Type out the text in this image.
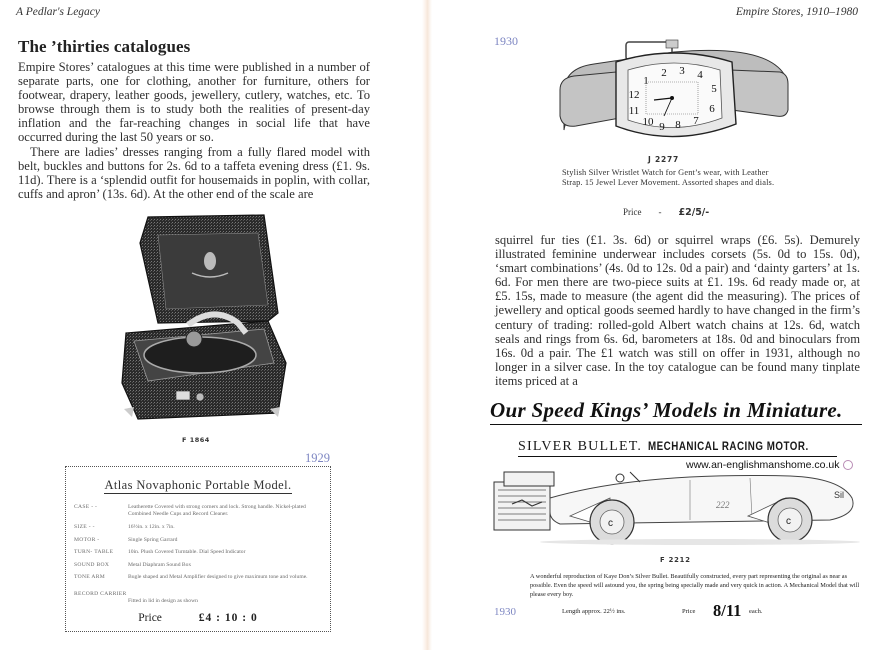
A Pedlar's Legacy
The ’thirties catalogues

Empire Stores’ catalogues at this time were published in a number of separate parts, one for clothing, another for furniture, others for footwear, drapery, leather goods, jewellery, cutlery, watches, etc. To browse through them is to study both the realities of present-day inflation and the far-reaching changes in social life that have occurred during the last 50 years or so.

There are ladies’ dresses ranging from a fully flared model with belt, buckles and buttons for 2s. 6d to a taffeta evening dress (£1. 9s. 11d). There is a ‘splendid outfit for housemaids in poplin, with collar, cuffs and apron’ (13s. 6d). At the other end of the scale are

F 1864
1929
Atlas Novaphonic Portable Model.
CASE - -	Leatherette Covered with strong corners and lock. Strong handle. Nickel-plated Combined Needle Cups and Record Cleaner.
SIZE - -	16½in. x 12in. x 7in.
MOTOR -	Single Spring Garrard
TURN- TABLE	10in. Plush Covered Turntable. Dial Speed Indicator
SOUND BOX	Metal Diaphram Sound Box
TONE ARM	Bugle shaped and Metal Amplifier designed to give maximum tone and volume.
RECORD CARRIER
Fitted in lid in design as shown
Price	£4 : 10 : 0
Empire Stores, 1910–1980
1930
12
11
10 9 8 7
6
5
4
3
2
1
J 2277
Stylish Silver Wristlet Watch for Gent’s wear, with Leather Strap. 15 Jewel Lever Movement. Assorted shapes and dials.
Price - £2/5/-
squirrel fur ties (£1. 3s. 6d) or squirrel wraps (£6. 5s). Demurely illustrated feminine underwear includes corsets (5s. 0d to 15s. 0d), ‘smart combinations’ (4s. 0d to 12s. 0d a pair) and ‘dainty garters’ at 1s. 6d. For men there are two-piece suits at £1. 19s. 6d ready made or, at £5. 15s, made to measure (the agent did the measuring). The prices of jewellery and optical goods seemed hardly to have changed in the firm’s century of trading: rolled-gold Albert watch chains at 12s. 6d, watch seals and rings from 6s. 6d, barometers at 18s. 0d and binoculars from 16s. 0d a pair. The £1 watch was still on offer in 1931, although no longer in a silver case. In the toy catalogue can be found many tinplate items priced at a
Our Speed Kings’ Models in Miniature.
SILVER BULLET. MECHANICAL RACING MOTOR.
www.an-englishmanshome.co.uk
222
Sil
c	c
F 2212
A wonderful reproduction of Kaye Don’s Silver Bullet. Beautifully constructed, every part representing the original as near as possible. Even the speed will astound you, the spring being specially made and very quick in action. A Mechanical Model that will please every boy.
1930	Length approx. 22½ ins.	Price 8/11 each.
